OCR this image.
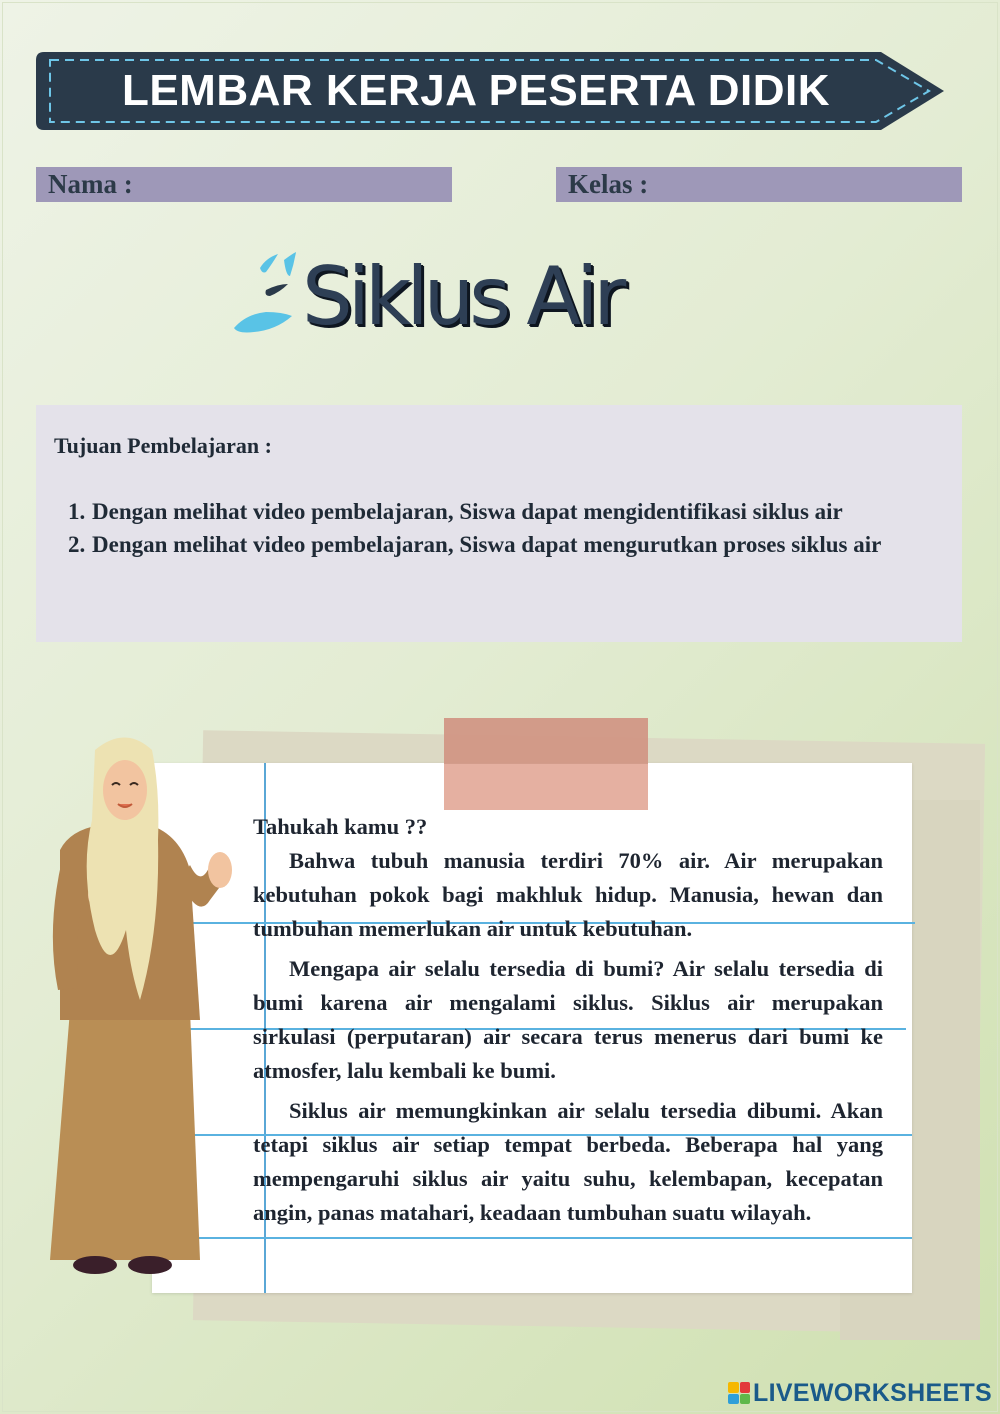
LEMBAR KERJA PESERTA DIDIK
Nama :	Kelas :
Siklus Air
Tujuan Pembelajaran :
1. Dengan melihat video pembelajaran, Siswa dapat mengidentifikasi siklus air
2. Dengan melihat video pembelajaran, Siswa dapat mengurutkan proses siklus air
Tahukah kamu ??

Bahwa tubuh manusia terdiri 70% air. Air merupakan kebutuhan pokok bagi makhluk hidup. Manusia, hewan dan tumbuhan memerlukan air untuk kebutuhan.

Mengapa air selalu tersedia di bumi? Air selalu tersedia di bumi karena air mengalami siklus. Siklus air merupakan sirkulasi (perputaran) air secara terus menerus dari bumi ke atmosfer, lalu kembali ke bumi.

Siklus air memungkinkan air selalu tersedia dibumi. Akan tetapi siklus air setiap tempat berbeda. Beberapa hal yang mempengaruhi siklus air yaitu suhu, kelembapan, kecepatan angin, panas matahari, keadaan tumbuhan suatu wilayah.

LIVEWORKSHEETS
